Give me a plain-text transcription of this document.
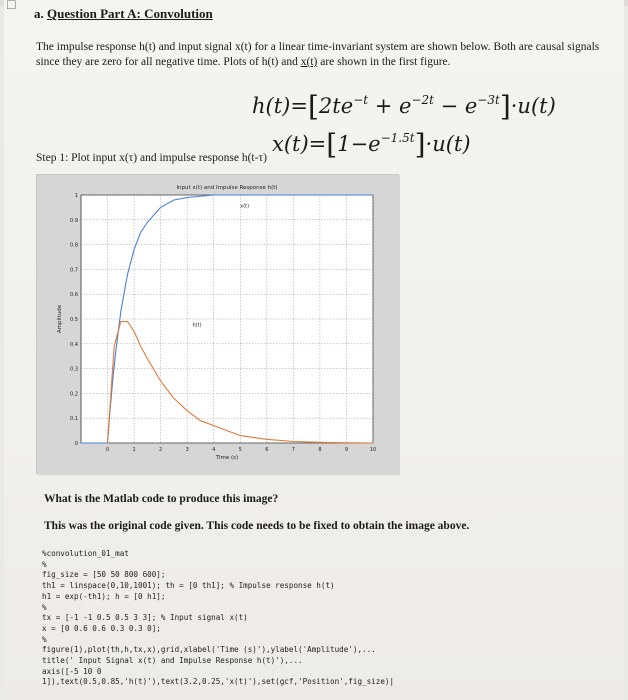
☐
a. Question Part A: Convolution
The impulse response h(t) and input signal x(t) for a linear time-invariant system are shown below. Both are causal signals since they are zero for all negative time. Plots of h(t) and x(t) are shown in the first figure.
$h(t)=[2te^{-t} + e^{-2t} - e^{-3t}]\cdot u(t)$
$x(t)=[1-e^{-1.5t}]\cdot u(t)$
Step 1: Plot input x(τ) and impulse response h(t-τ)
0	1	2	3	4	5	6	7	8	9	10
0
0.1
0.2
0.3
0.4
0.5
0.6
0.7
0.8
0.9
1
x(t)
h(t)
Input x(t) and Impulse Response h(t)
Time (s)
Amplitude
What is the Matlab code to produce this image?
This was the original code given. This code needs to be fixed to obtain the image above.
%convolution_01_mat
%
fig_size = [50 50 800 600];
th1 = linspace(0,10,1001); th = [0 th1]; % Impulse response h(t)
h1 = exp(-th1); h = [0 h1];
%
tx = [-1 -1 0.5 0.5 3 3]; % Input signal x(t)
x = [0 0.6 0.6 0.3 0.3 0];
%
figure(1),plot(th,h,tx,x),grid,xlabel('Time (s)'),ylabel('Amplitude'),...
title(' Input Signal x(t) and Impulse Response h(t)'),...
axis([-5 10 0
1]),text(0.5,0.85,'h(t)'),text(3.2,0.25,'x(t)'),set(gcf,'Position',fig_size)|
